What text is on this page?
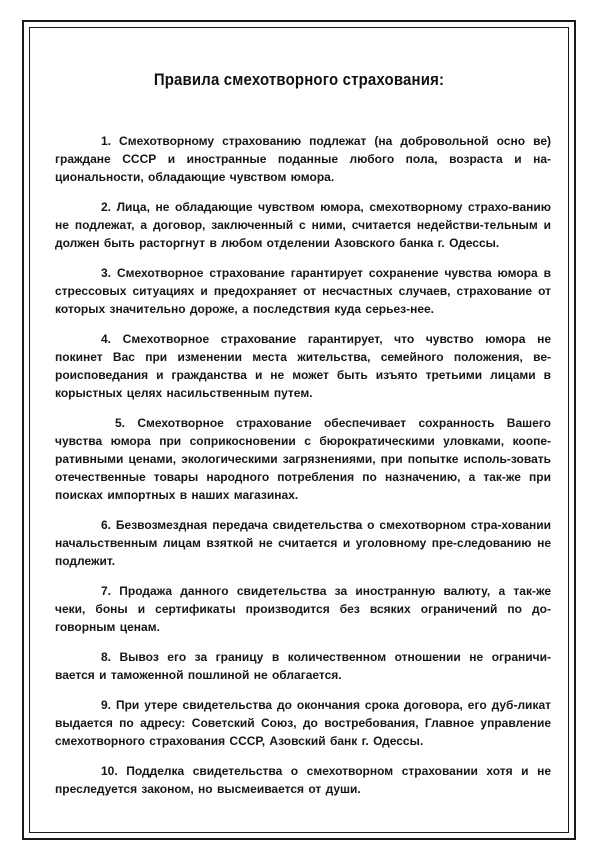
Правила смехотворного страхования:
1. Смехотворному страхованию подлежат (на добровольной осно ве) граждане СССР и иностранные поданные любого пола, возраста и на-циональности, обладающие чувством юмора.
2. Лица, не обладающие чувством юмора, смехотворному страхо-ванию не подлежат, а договор, заключенный с ними, считается недействи-тельным и должен быть расторгнут в любом отделении Азовского банка г. Одессы.
3. Смехотворное страхование гарантирует сохранение чувства юмора в стрессовых ситуациях и предохраняет от несчастных случаев, страхование от которых значительно дороже, а последствия куда серьез-нее.
4. Смехотворное страхование гарантирует, что чувство юмора не покинет Вас при изменении места жительства, семейного положения, ве-роисповедания и гражданства и не может быть изъято третьими лицами в корыстных целях насильственным путем.
5. Смехотворное страхование обеспечивает сохранность Вашего чувства юмора при соприкосновении с бюрократическими уловками, коопе-ративными ценами, экологическими загрязнениями, при попытке исполь-зовать отечественные товары народного потребления по назначению, а так-же при поисках импортных в наших магазинах.
6. Безвозмездная передача свидетельства о смехотворном стра-ховании начальственным лицам взяткой не считается и уголовному пре-следованию не подлежит.
7. Продажа данного свидетельства за иностранную валюту, а так-же чеки, боны и сертификаты производится без всяких ограничений по до-говорным ценам.
8. Вывоз его за границу в количественном отношении не ограничи-вается и таможенной пошлиной не облагается.
9. При утере свидетельства до окончания срока договора, его дуб-ликат выдается по адресу: Советский Союз, до востребования, Главное управление смехотворного страхования СССР, Азовский банк г. Одессы.
10. Подделка свидетельства о смехотворном страховании хотя и не преследуется законом, но высмеивается от души.
